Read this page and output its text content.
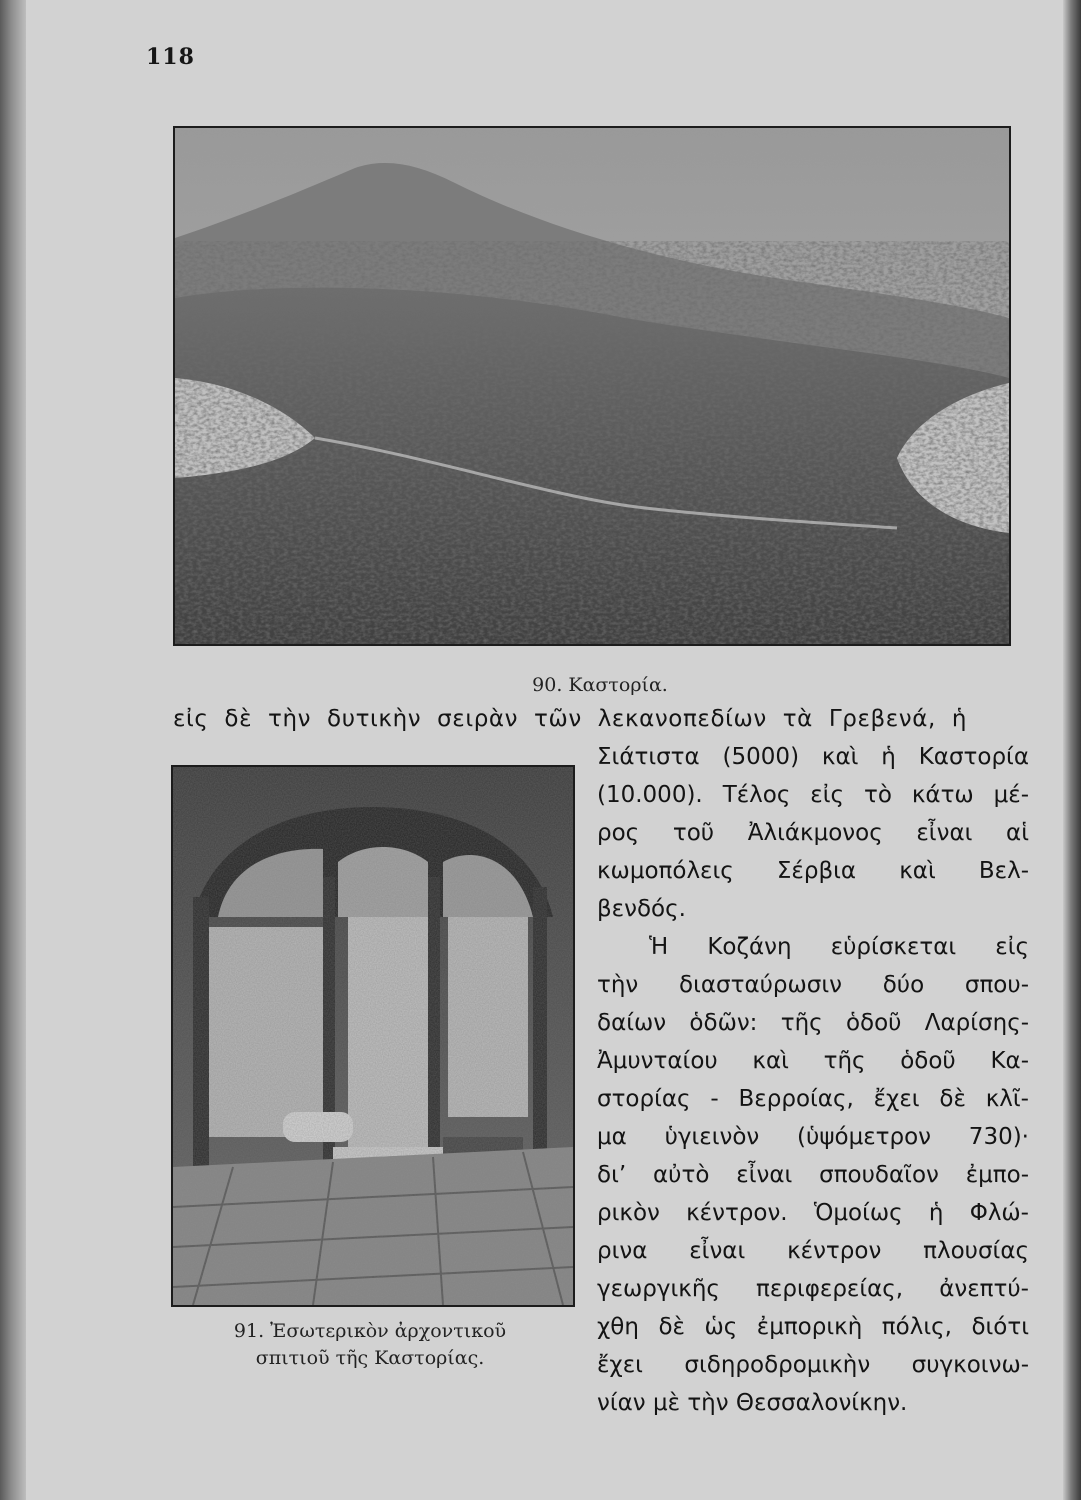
118
90. Καστορία.
εἰς δὲ τὴν δυτικὴν σειρὰν τῶν λεκανοπεδίων τὰ Γρεβενά, ἡ
91. Ἐσωτερικὸν ἀρχοντικοῦ
σπιτιοῦ τῆς Καστορίας.
Σιάτιστα (5000) καὶ ἡ Καστορία
(10.000). Τέλος εἰς τὸ κάτω μέ-
ρος τοῦ Ἀλιάκμονος εἶναι αἱ
κωμοπόλεις Σέρβια καὶ Βελ-
βενδός.
Ἡ Κοζάνη εὑρίσκεται εἰς
τὴν διασταύρωσιν δύο σπου-
δαίων ὁδῶν: τῆς ὁδοῦ Λαρίσης-
Ἀμυνταίου καὶ τῆς ὁδοῦ Κα-
στορίας - Βερροίας, ἔχει δὲ κλῖ-
μα ὑγιεινὸν (ὑψόμετρον 730)·
δι’ αὐτὸ εἶναι σπουδαῖον ἐμπο-
ρικὸν κέντρον. Ὁμοίως ἡ Φλώ-
ρινα εἶναι κέντρον πλουσίας
γεωργικῆς περιφερείας, ἀνεπτύ-
χθη δὲ ὡς ἐμπορικὴ πόλις, διότι
ἔχει σιδηροδρομικὴν συγκοινω-
νίαν μὲ τὴν Θεσσαλονίκην.
